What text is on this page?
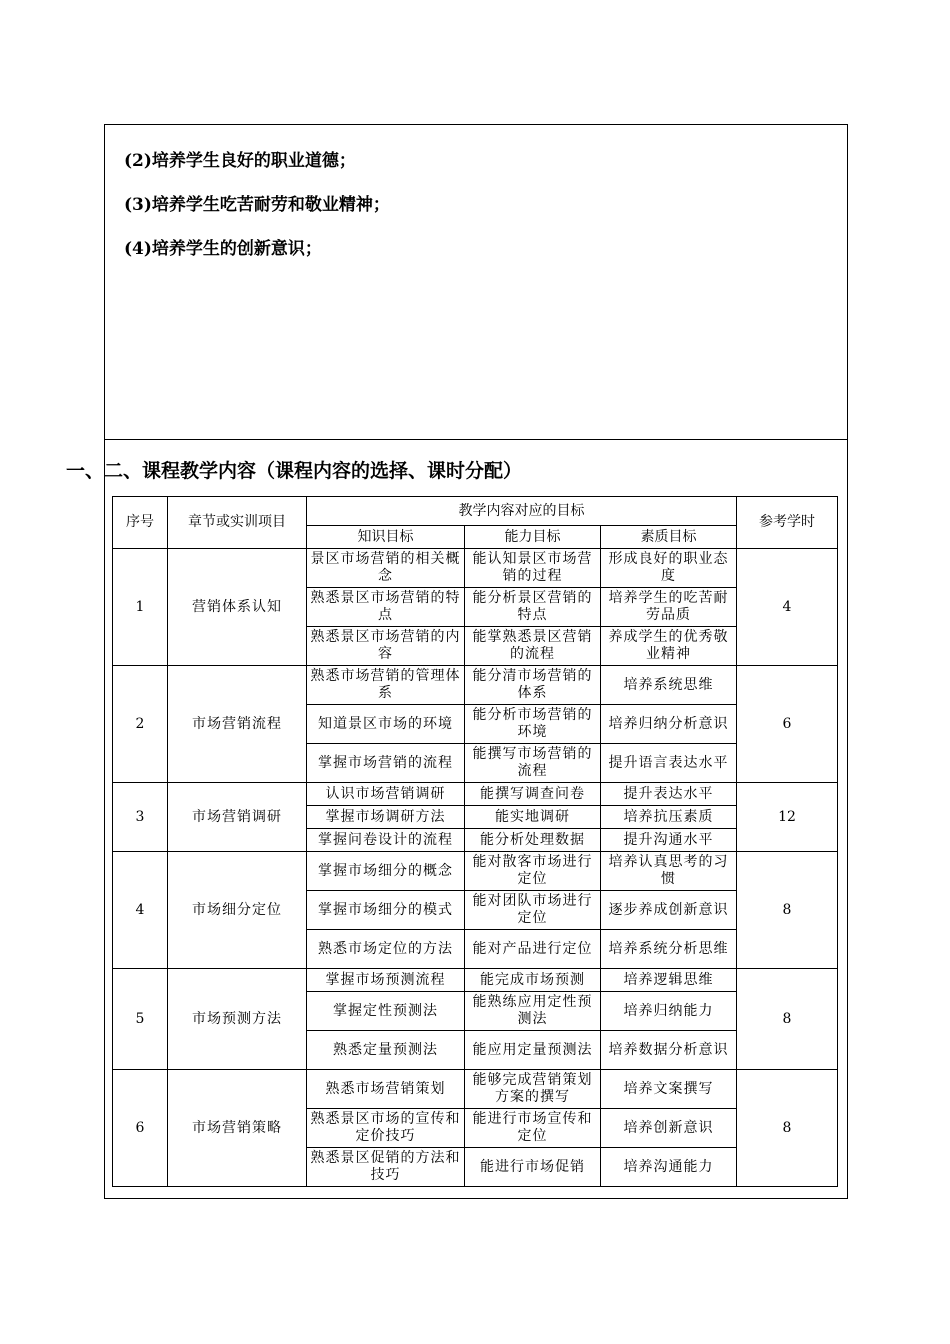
(2)培养学生良好的职业道德；
(3)培养学生吃苦耐劳和敬业精神；
(4)培养学生的创新意识；
一、二、课程教学内容（课程内容的选择、课时分配）
序号	章节或实训项目	教学内容对应的目标			参考学时
		知识目标	能力目标	素质目标	
1	营销体系认知	景区市场营销的相关概念	能认知景区市场营销的过程	形成良好的职业态度	4
		熟悉景区市场营销的特点	能分析景区营销的特点	培养学生的吃苦耐劳品质	
		熟悉景区市场营销的内容	能掌熟悉景区营销的流程	养成学生的优秀敬业精神	
2	市场营销流程	熟悉市场营销的管理体系	能分清市场营销的体系	培养系统思维	6
		知道景区市场的环境	能分析市场营销的环境	培养归纳分析意识	
		掌握市场营销的流程	能撰写市场营销的流程	提升语言表达水平	
3	市场营销调研	认识市场营销调研	能撰写调查问卷	提升表达水平	12
		掌握市场调研方法	能实地调研	培养抗压素质	
		掌握问卷设计的流程	能分析处理数据	提升沟通水平	
4	市场细分定位	掌握市场细分的概念	能对散客市场进行定位	培养认真思考的习惯	8
		掌握市场细分的模式	能对团队市场进行定位	逐步养成创新意识	
		熟悉市场定位的方法	能对产品进行定位	培养系统分析思维	
5	市场预测方法	掌握市场预测流程	能完成市场预测	培养逻辑思维	8
		掌握定性预测法	能熟练应用定性预测法	培养归纳能力	
		熟悉定量预测法	能应用定量预测法	培养数据分析意识	
6	市场营销策略	熟悉市场营销策划	能够完成营销策划方案的撰写	培养文案撰写	8
		熟悉景区市场的宣传和定价技巧	能进行市场宣传和定位	培养创新意识	
		熟悉景区促销的方法和技巧	能进行市场促销	培养沟通能力	
